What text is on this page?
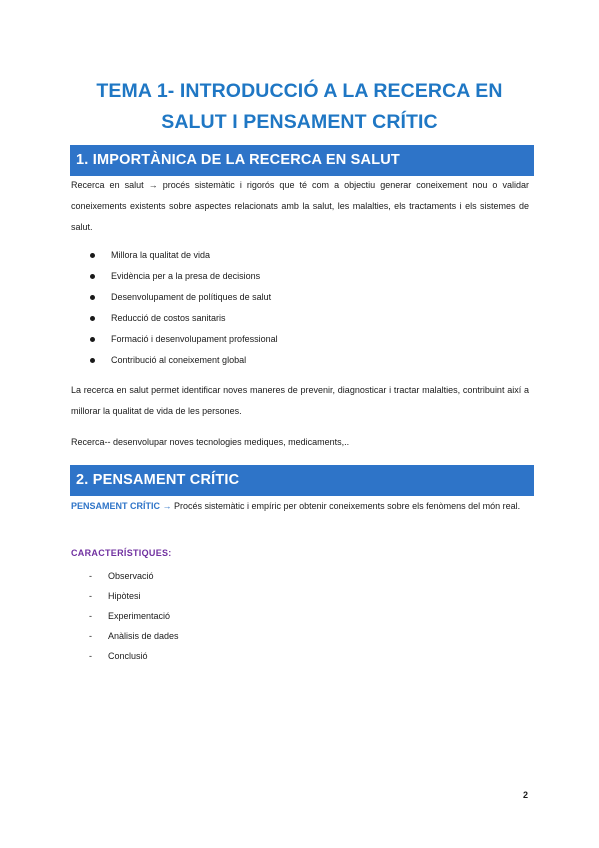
TEMA 1- INTRODUCCIÓ A LA RECERCA EN
SALUT I PENSAMENT CRÍTIC
1. IMPORTÀNICA DE LA RECERCA EN SALUT
Recerca en salut → procés sistemàtic i rigorós que té com a objectiu generar coneixement nou o validar coneixements existents sobre aspectes relacionats amb la salut, les malalties, els tractaments i els sistemes de salut.
Millora la qualitat de vida
Evidència per a la presa de decisions
Desenvolupament de polítiques de salut
Reducció de costos sanitaris
Formació i desenvolupament professional
Contribució al coneixement global
La recerca en salut permet identificar noves maneres de prevenir, diagnosticar i tractar malalties, contribuint així a millorar la qualitat de vida de les persones.
Recerca-- desenvolupar noves tecnologies mediques, medicaments,..
2. PENSAMENT CRÍTIC
PENSAMENT CRÍTIC → Procés sistemàtic i empíric per obtenir coneixements sobre els fenòmens del món real.
CARACTERÍSTIQUES:
- Observació
- Hipòtesi
- Experimentació
- Anàlisis de dades
- Conclusió
2
